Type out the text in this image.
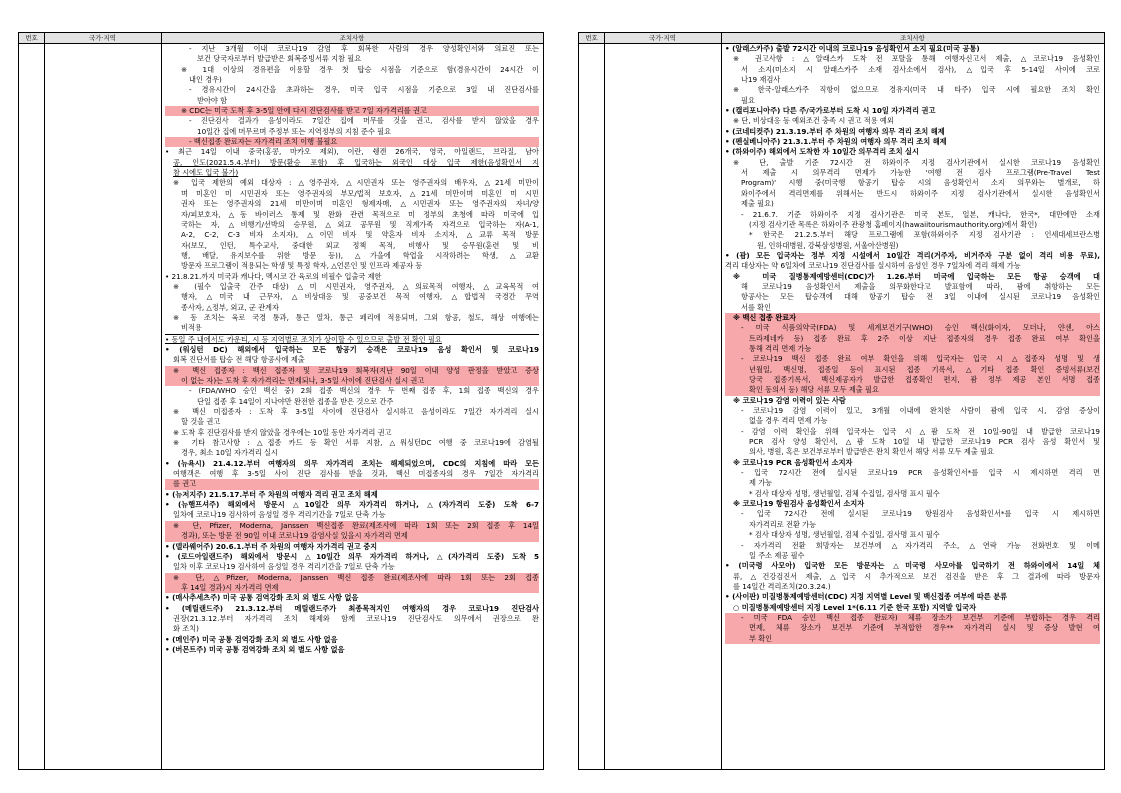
번호	국가·지역	조치사항
- 지난 3개월 이내 코로나19 감염 후 회복한 사람의 경우 양성확인서와 의료진 또는
보건 당국자로부터 발급받은 회복증빙서류 지참 필요
※ 1대 이상의 경유편을 이용할 경우 첫 탑승 시점을 기준으로 함(경유시간이 24시간 이
내인 경우)
- 경유시간이 24시간을 초과하는 경우, 미국 입국 시점을 기준으로 3일 내 진단검사를
받아야 함
※ CDC는 미국 도착 후 3-5일 안에 다시 진단검사를 받고 7일 자가격리를 권고
- 진단검사 결과가 음성이라도 7일간 집에 머무를 것을 권고, 검사를 받지 않았을 경우
10일간 집에 머무르며 주정부 또는 지역정부의 지침 준수 필요
- 백신접종 완료자는 자가격리 조치 이행 불필요
• 최근 14일 이내 중국(홍콩, 마카오 제외), 이란, 쉥겐 26개국, 영국, 아일랜드, 브라질, 남아
공, 인도(2021.5.4.부터) 방문(환승 포함) 후 입국하는 외국인 대상 입국 제한(음성확인서 지
참 시에도 입국 불가)
※ 입국 제한의 예외 대상자 : △영주권자, △시민권자 또는 영주권자의 배우자, △21세 미만이
며 미혼인 미 시민권자 또는 영주권자의 부모/법적 보호자, △21세 미만이며 미혼인 미 시민
권자 또는 영주권자의 21세 미만이며 미혼인 형제자매, △시민권자 또는 영주권자의 자녀/양
자/피보호자, △동 바이러스 통제 및 완화 관련 목적으로 미 정부의 초청에 따라 미국에 입
국하는 자, △비행기/선박의 승무원, △외교 공무원 및 직계가족 자격으로 입국하는 자(A-1,
A-2, C-2, C-3 비자 소지자), △이민 비자 및 약혼자 비자 소지자, △교류 목적 방문
자(보모, 인턴, 특수교사, 중대한 외교 정책 목적, 비행사 및 승무원(훈련 및 비
행, 배달, 유지보수를 위한 방문 등)), △가을에 학업을 시작하려는 학생, △교환
방문자 프로그램이 적용되는 학생 및 특정 학자, △언론인 및 인프라 제공자 등
• 21.8.21.까지 미국과 캐나다, 멕시코 간 육로의 비필수 입출국 제한
※ (필수 입출국 간주 대상) △미 시민권자, 영주권자, △의료목적 여행자, △교육목적 여
행자, △미국 내 근무자, △비상대응 및 공중보건 목적 여행자, △합법적 국경간 무역
종사자, △정부, 외교, 군 관계자
※ 동 조치는 육로 국경 통과, 통근 열차, 통근 페리에 적용되며, 그외 항공, 철도, 해상 여행에는
비적용
• 동일 주 내에서도 카운티, 시 등 지역별로 조치가 상이할 수 있으므로 출발 전 확인 필요
• (워싱턴 DC) 해외에서 입국하는 모든 항공기 승객은 코로나19 음성 확인서 및 코로나19
회복 진단서를 탑승 전 해당 항공사에 제출
※ 백신 접종자 : 백신 접종자 및 코로나19 회복자(지난 90일 이내 양성 판정을 받았고 증상
이 없는 자)는 도착 후 자가격리는 면제되나, 3-5일 사이에 진단검사 실시 권고
- (FDA/WHO 승인 백신 중) 2회 접종 백신의 경우 두 번째 접종 후, 1회 접종 백신의 경우
단일 접종 후 14일이 지나야만 완전한 접종을 받은 것으로 간주
※ 백신 미접종자 : 도착 후 3-5일 사이에 진단검사 실시하고 음성이라도 7일간 자가격리 실시
할 것을 권고
※ 도착 후 진단검사를 받지 않았을 경우에는 10일 동안 자가격리 권고
※ 기타 참고사항 : △접종 카드 등 확인 서류 지참, △워싱턴DC 여행 중 코로나19에 감염될
경우, 최소 10일 자가격리 실시
• (뉴욕시) 21.4.12.부터 여행자의 의무 자가격리 조치는 해제되었으며, CDC의 지침에 따라 모든
여행객은 여행 후 3-5일 사이 진단 검사를 받을 것과, 백신 미접종자의 경우 7일간 자가격리
를 권고
• (뉴저지주) 21.5.17.부터 주 차원의 여행자 격리 권고 조치 해제
• (뉴햄프셔주) 해외에서 방문시 △10일간 의무 자가격리 하거나, △(자가격리 도중) 도착 6-7
일차에 코로나19 검사하여 음성일 경우 격리기간을 7일로 단축 가능
※ 단, Pfizer, Moderna, Janssen 백신접종 완료(제조사에 따라 1회 또는 2회 접종 후 14일
경과), 또는 방문 전 90일 이내 코로나19 감염사실 있을시 자가격리 면제
• (델라웨어주) 20.6.1.부터 주 차원의 여행자 자가격리 권고 중지
• (로드아일랜드주) 해외에서 방문시 △10일간 의무 자가격리 하거나, △(자가격리 도중) 도착 5
일차 이후 코로나19 검사하여 음성일 경우 격리기간을 7일로 단축 가능
※ 단, △Pfizer, Moderna, Janssen 백신 접종 완료(제조사에 따라 1회 또는 2회 접종
후 14일 경과)시 자가격리 면제
• (매사추세츠주) 미국 공통 검역강화 조치 외 별도 사항 없음
• (메릴랜드주) 21.3.12.부터 메릴랜드주가 최종목적지인 여행자의 경우 코로나19 진단검사
권장(21.3.12.부터 자가격리 조치 해제와 함께 코로나19 진단검사도 의무에서 권장으로 완
화 조치)
• (메인주) 미국 공통 검역강화 조치 외 별도 사항 없음
• (버몬트주) 미국 공통 검역강화 조치 외 별도 사항 없음
번호	국가·지역	조치사항
• (알래스카주) 출발 72시간 이내의 코로나19 음성확인서 소지 필요(미국 공통)
※ 권고사항 : △알래스카 도착 전 포탈을 통해 여행자신고서 제출, △코로나19 음성확인
서 소지(미소지 시 알래스카주 소재 검사소에서 검사), △입국 후 5-14일 사이에 코로
나19 재검사
※ 한국-알래스카주 직항이 없으므로 경유지(미국 내 타주) 입국 시에 필요한 조치 확인
필요
• (캘리포니아주) 다른 주/국가로부터 도착 시 10일 자가격리 권고
※ 단, 비상대응 등 예외조건 충족 시 권고 적용 예외
• (코네티컷주) 21.3.19.부터 주 차원의 여행자 의무 격리 조치 해제
• (펜실베니아주) 21.3.1.부터 주 차원의 여행자 의무 격리 조치 해제
• (하와이주) 해외에서 도착한 자 10일간 의무격리 조치 실시
※ 단, 출발 기준 72시간 전 하와이주 지정 검사기관에서 실시한 코로나19 음성확인
서 제출 시 의무격리 면제가 가능한 '여행 전 검사 프로그램(Pre-Travel Test
Program)' 시행 중(미국행 항공기 탑승 시의 음성확인서 소지 의무와는 별개로, 하
와이주에서 격리면제를 위해서는 반드시 하와이주 지정 검사기관에서 실시한 음성확인서
제출 필요)
- 21.6.7. 기준 하와이주 지정 검사기관은 미국 본토, 일본, 캐나다, 한국*, 대만에만 소재
(지정 검사기관 목록은 하와이주 관광청 홈페이지(hawaiitourismauthority.org)에서 확인)
* 한국은 21.2.5.부터 해당 프로그램에 포함(하와이주 지정 검사기관 : 인세대세브란스병
원, 인하대병원, 강북삼성병원, 서울아산병원)
• (괌) 모든 입국자는 정부 지정 시설에서 10일간 격리(거주자, 비거주자 구분 없이 격리 비용 무료),
격리 대상자는 약 6일차에 코로나19 진단검사를 실시하여 음성인 경우 7일차에 격리 해제 가능
※ 미국 질병통제예방센터(CDC)가 1.26.부터 미국에 입국하는 모든 항공 승객에 대
해 코로나19 음성확인서 제출을 의무화한다고 발표함에 따라, 괌에 취항하는 모든
항공사는 모든 탑승객에 대해 항공기 탑승 전 3일 이내에 실시된 코로나19 음성확인
서를 확인
※ 백신 접종 완료자
- 미국 식품의약국(FDA) 및 세계보건기구(WHO) 승인 백신(화이자, 모더나, 얀센, 아스
트라제네카 등) 접종 완료 후 2주 이상 지난 접종자의 경우 접종 완료 여부 확인을
통해 격리 면제 가능
- 코로나19 백신 접종 완료 여부 확인을 위해 입국자는 입국 시 △접종자 성명 및 생
년월일, 백신명, 접종일 등이 표시된 접종 기록서, △기타 접종 확인 증빙서류(보건
당국 접종기록서, 백신제공자가 발급한 접종확인 편지, 괌 정부 제공 본인 서명 접종
확인 동의서 등) 해당 서류 모두 제출 필요
※ 코로나19 감염 이력이 있는 사람
- 코로나19 감염 이력이 있고, 3개월 이내에 완치한 사람이 괌에 입국 시, 감염 증상이
없을 경우 격리 면제 가능
- 감염 이력 확인을 위해 입국자는 입국 시 △괌 도착 전 10일-90일 내 발급한 코로나19
PCR 검사 양성 확인서, △괌 도착 10일 내 발급한 코로나19 PCR 검사 음성 확인서 및
의사, 병원, 혹은 보건부로부터 발급받은 완치 확인서 해당 서류 모두 제출 필요
※ 코로나19 PCR 음성확인서 소지자
- 입국 72시간 전에 실시된 코로나19 PCR 음성확인서*를 입국 시 제시하면 격리 면
제 가능
* 검사 대상자 성명, 생년월일, 검체 수집일, 검사명 표시 필수
※ 코로나19 항원검사 음성확인서 소지자
- 입국 72시간 전에 실시된 코로나19 항원검사 음성확인서*를 입국 시 제시하면
자가격리로 전환 가능
* 검사 대상자 성명, 생년월일, 검체 수집일, 검사명 표시 필수
- 자가격리 전환 희망자는 보건부에 △자가격리 주소, △연락 가능 전화번호 및 이메
일 주소 제공 필수
• (미국령 사모아) 입국한 모든 방문자는 △미국령 사모아를 입국하기 전 하와이에서 14일 체
류, △건강검진서 제출, △입국 시 추가적으로 보건 검진을 받은 후 그 결과에 따라 방문자
를 14일간 격리조치(20.3.24.)
• (사이판) 미질병통제예방센터(CDC) 지정 지역별 Level 및 백신접종 여부에 따른 분류
○ 미질병통제예방센터 지정 Level 1*(6.11 기준 한국 포함) 지역발 입국자
- 미국 FDA 승인 백신 접종 완료자) 체류 장소가 보건부 기준에 부합하는 경우 격리
면제, 체류 장소가 보건부 기준에 부적합한 경우** 자가격리 실시 및 증상 발현 여
부 확인
